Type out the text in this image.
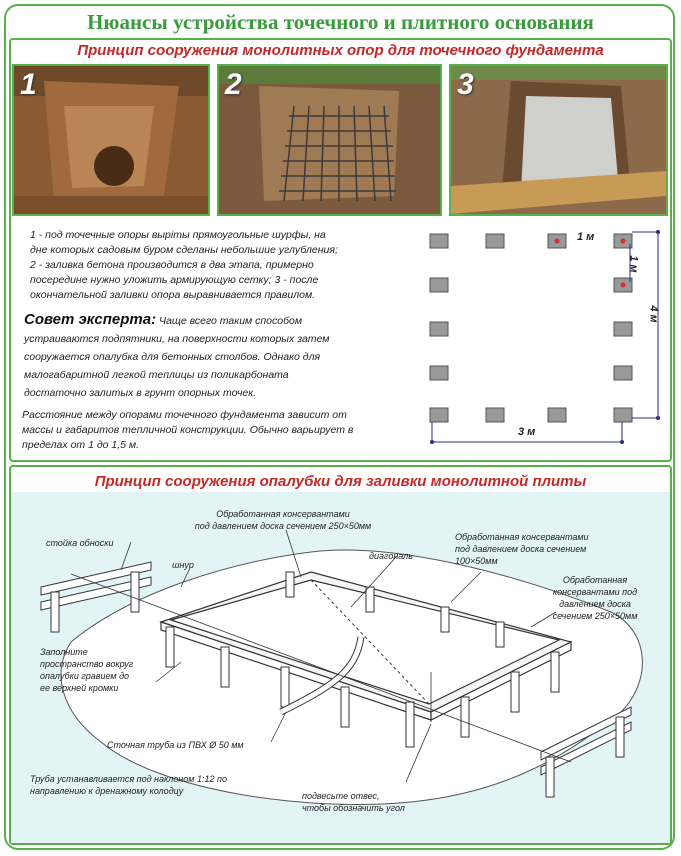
Нюансы устройства точечного и плитного основания
Принцип сооружения монолитных опор для точечного фундамента
1	2	3
1 - под точечные опоры выріты прямоугольные шурфы, на
дне которых садовым буром сделаны небольшие углубления;
2 - заливка бетона производится в два этапа, примерно
посередине нужно уложить армирующую сетку; 3 - после
окончательной заливки опора выравнивается правилом.
Совет эксперта: Чаще всего таким способом
устраиваются подпятники, на поверхности которых затем
сооружается опалубка для бетонных столбов. Однако для
малогабаритной легкой теплицы из поликарбоната
достаточно залитых в грунт опорных точек.
Расстояние между опорами точечного фундамента зависит от
массы и габаритов тепличной конструкции. Обычно варьирует в
пределах от 1 до 1,5 м.
1 м
1 м
4 м
3 м
Принцип сооружения опалубки для заливки монолитной плиты
Обработанная консервантами
под давлением доска сечением 250×50мм
Обработанная консервантами
под давлением доска сечением
100×50мм
Обработанная
консервантами под
давлением доска
сечением 250×50мм
стойка обноски
шнур
диагональ
Заполните
пространство вокруг
опалубки гравием до
ее верхней кромки
Сточная труба из ПВХ Ø 50 мм
Труба устанавливается под наклоном 1:12 по
направлению к дренажному колодцу	подвесьте отвес,
чтобы обозначить угол
